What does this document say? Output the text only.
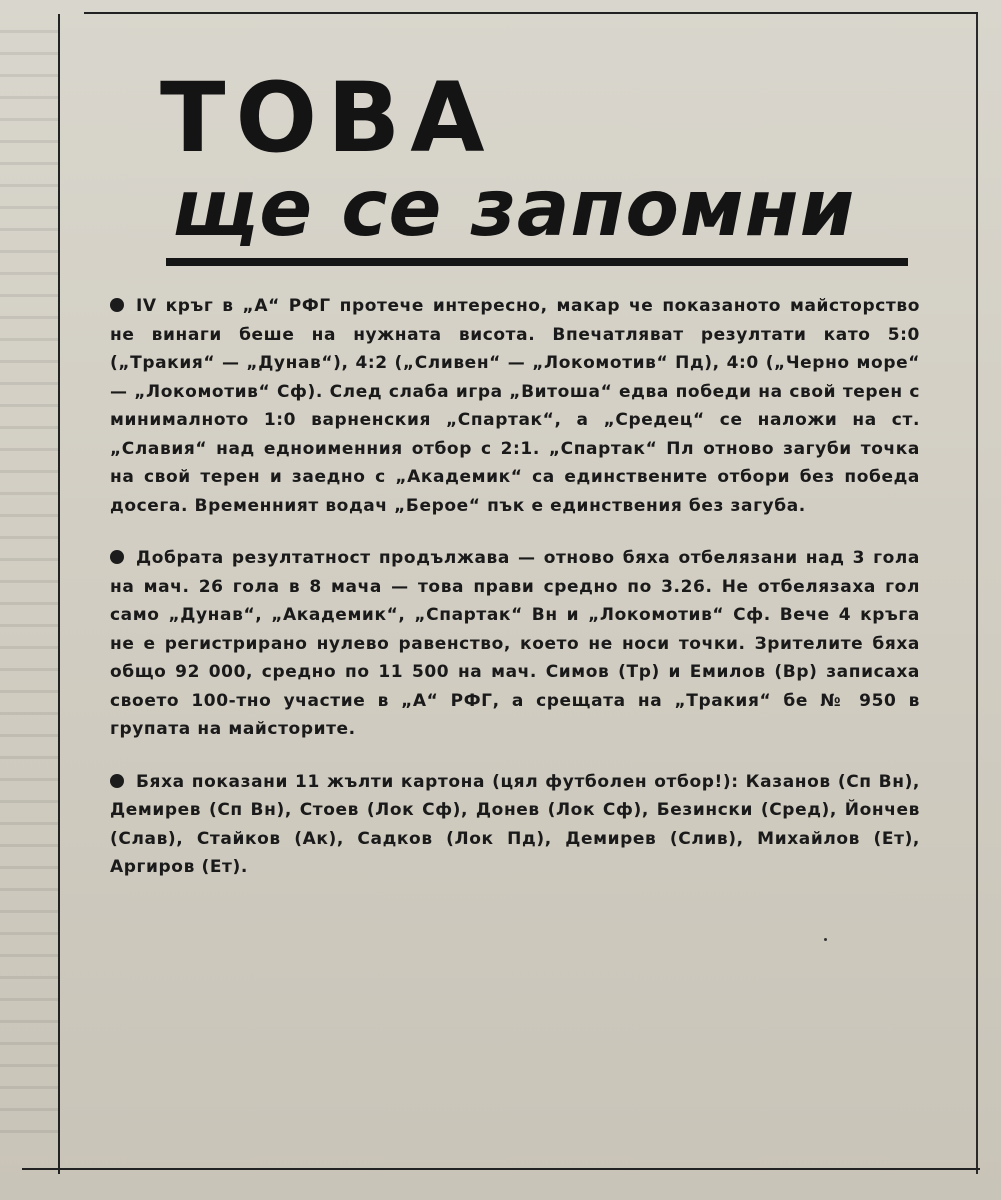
ТОВА
ще се запомни

IV кръг в „А“ РФГ протече интересно, макар че показаното майсторство не винаги беше на нужната висота. Впечатляват резултати като 5:0 („Тракия“ — „Дунав“), 4:2 („Сливен“ — „Локомотив“ Пд), 4:0 („Черно море“ — „Локомотив“ Сф). След слаба игра „Витоша“ едва победи на свой терен с минималното 1:0 варненския „Спартак“, а „Средец“ се наложи на ст. „Славия“ над едноименния отбор с 2:1. „Спартак“ Пл отново загуби точка на свой терен и заедно с „Академик“ са единствените отбори без победа досега. Временният водач „Берое“ пък е единствения без загуба.

Добрата резултатност продължава — отново бяха отбелязани над 3 гола на мач. 26 гола в 8 мача — това прави средно по 3.26. Не отбелязаха гол само „Дунав“, „Академик“, „Спартак“ Вн и „Локомотив“ Сф. Вече 4 кръга не е регистрирано нулево равенство, което не носи точки. Зрителите бяха общо 92 000, средно по 11 500 на мач. Симов (Тр) и Емилов (Вр) записаха своето 100-тно участие в „А“ РФГ, а срещата на „Тракия“ бе № 950 в групата на майсторите.

Бяха показани 11 жълти картона (цял футболен отбор!): Казанов (Сп Вн), Демирев (Сп Вн), Стоев (Лок Сф), Донев (Лок Сф), Безински (Сред), Йончев (Слав), Стайков (Ак), Садков (Лок Пд), Демирев (Слив), Михайлов (Ет), Аргиров (Ет).
